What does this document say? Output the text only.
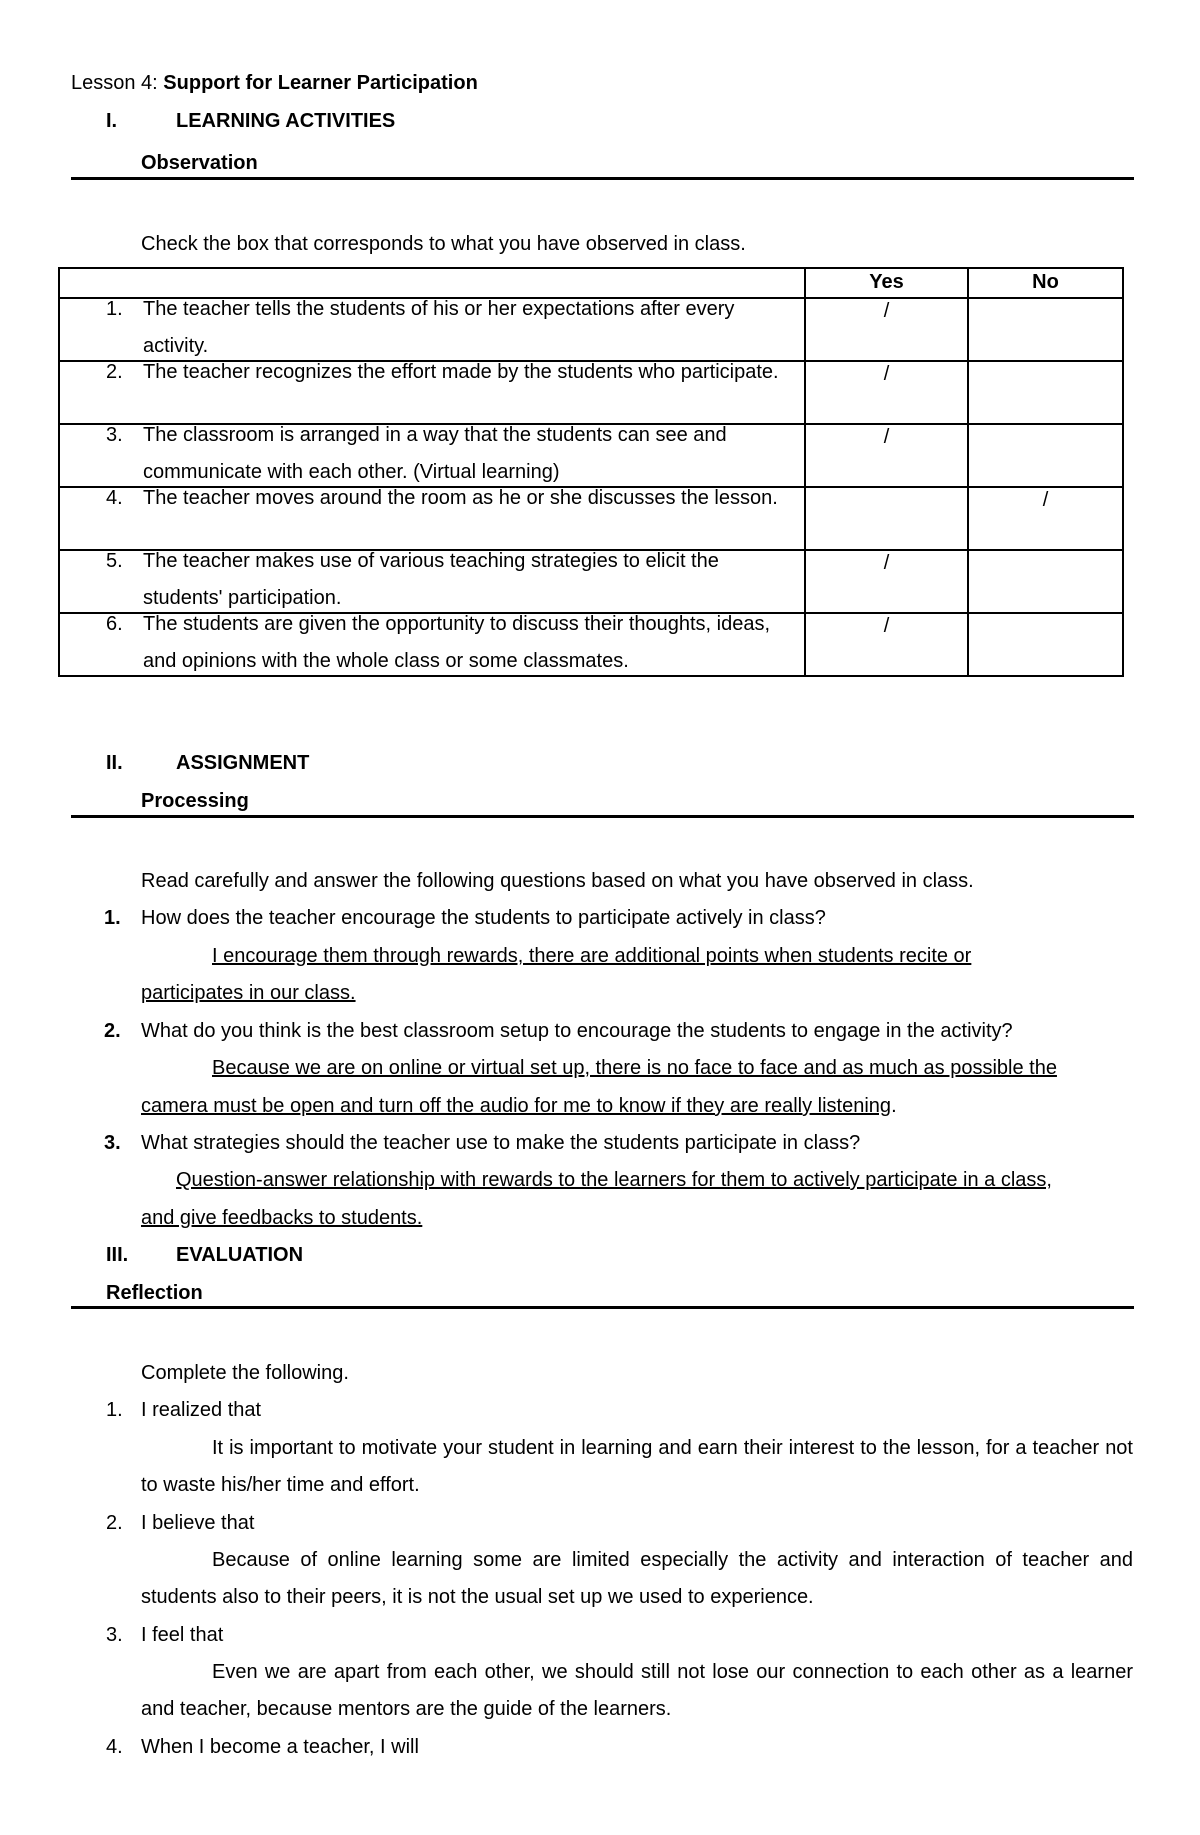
Lesson 4: Support for Learner Participation
I.	LEARNING ACTIVITIES
Observation
Check the box that corresponds to what you have observed in class.
	Yes	No

1. The teacher tells the students of his or her expectations after every activity.	/	

2. The teacher recognizes the effort made by the students who participate.	/	

3. The classroom is arranged in a way that the students can see and communicate with each other. (Virtual learning)	/	

4. The teacher moves around the room as he or she discusses the lesson.		/

5. The teacher makes use of various teaching strategies to elicit the students' participation.	/	

6. The students are given the opportunity to discuss their thoughts, ideas, and opinions with the whole class or some classmates.	/	
II.	ASSIGNMENT
Processing
Read carefully and answer the following questions based on what you have observed in class.
1. How does the teacher encourage the students to participate actively in class?
I encourage them through rewards, there are additional points when students recite or
participates in our class.
2. What do you think is the best classroom setup to encourage the students to engage in the activity?
Because we are on online or virtual set up, there is no face to face and as much as possible the
camera must be open and turn off the audio for me to know if they are really listening.
3. What strategies should the teacher use to make the students participate in class?
Question-answer relationship with rewards to the learners for them to actively participate in a class,
and give feedbacks to students.
III. EVALUATION
Reflection
Complete the following.
1. I realized that
It is important to motivate your student in learning and earn their interest to the lesson, for a teacher not to waste his/her time and effort.
2. I believe that
Because of online learning some are limited especially the activity and interaction of teacher and students also to their peers, it is not the usual set up we used to experience.
3. I feel that
Even we are apart from each other, we should still not lose our connection to each other as a learner and teacher, because mentors are the guide of the learners.
4. When I become a teacher, I will
